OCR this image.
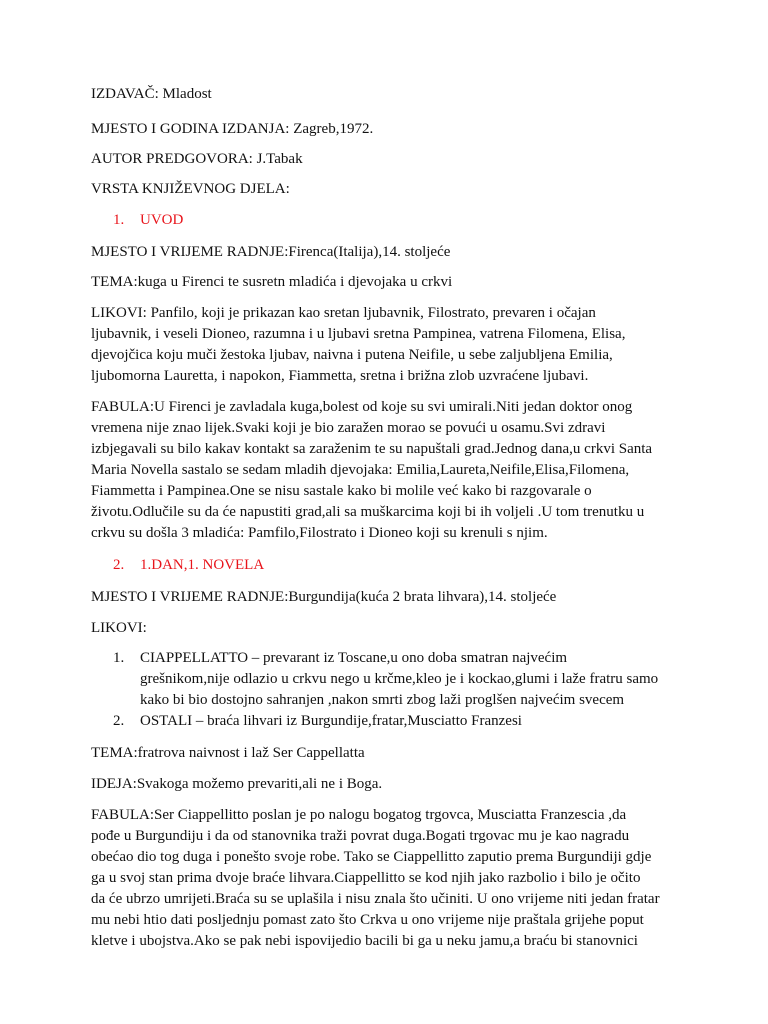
IZDAVAČ: Mladost
MJESTO I GODINA IZDANJA: Zagreb,1972.
AUTOR PREDGOVORA: J.Tabak
VRSTA KNJIŽEVNOG DJELA:
1. UVOD
MJESTO I VRIJEME RADNJE:Firenca(Italija),14. stoljeće
TEMA:kuga u Firenci te susretn mladića i djevojaka u crkvi
LIKOVI: Panfilo, koji je prikazan kao sretan ljubavnik, Filostrato, prevaren i očajan
ljubavnik, i veseli Dioneo, razumna i u ljubavi sretna Pampinea, vatrena Filomena, Elisa,
djevojčica koju muči žestoka ljubav, naivna i putena Neifile, u sebe zaljubljena Emilia,
ljubomorna Lauretta, i napokon, Fiammetta, sretna i brižna zlob uzvraćene ljubavi.
FABULA:U Firenci je zavladala kuga,bolest od koje su svi umirali.Niti jedan doktor onog
vremena nije znao lijek.Svaki koji je bio zaražen morao se povući u osamu.Svi zdravi
izbjegavali su bilo kakav kontakt sa zaraženim te su napuštali grad.Jednog dana,u crkvi Santa
Maria Novella sastalo se sedam mladih djevojaka: Emilia,Laureta,Neifile,Elisa,Filomena,
Fiammetta i Pampinea.One se nisu sastale kako bi molile već kako bi razgovarale o
životu.Odlučile su da će napustiti grad,ali sa muškarcima koji bi ih voljeli .U tom trenutku u
crkvu su došla 3 mladića: Pamfilo,Filostrato i Dioneo koji su krenuli s njim.
2. 1.DAN,1. NOVELA
MJESTO I VRIJEME RADNJE:Burgundija(kuća 2 brata lihvara),14. stoljeće
LIKOVI:
1. CIAPPELLATTO – prevarant iz Toscane,u ono doba smatran najvećim
grešnikom,nije odlazio u crkvu nego u krčme,kleo je i kockao,glumi i laže fratru samo
kako bi bio dostojno sahranjen ,nakon smrti zbog laži proglšen najvećim svecem
2. OSTALI – braća lihvari iz Burgundije,fratar,Musciatto Franzesi
TEMA:fratrova naivnost i laž Ser Cappellatta
IDEJA:Svakoga možemo prevariti,ali ne i Boga.
FABULA:Ser Ciappellitto poslan je po nalogu bogatog trgovca, Musciatta Franzescia ,da
pođe u Burgundiju i da od stanovnika traži povrat duga.Bogati trgovac mu je kao nagradu
obećao dio tog duga i ponešto svoje robe. Tako se Ciappellitto zaputio prema Burgundiji gdje
ga u svoj stan prima dvoje braće lihvara.Ciappellitto se kod njih jako razbolio i bilo je očito
da će ubrzo umrijeti.Braća su se uplašila i nisu znala što učiniti. U ono vrijeme niti jedan fratar
mu nebi htio dati posljednju pomast zato što Crkva u ono vrijeme nije praštala grijehe poput
kletve i ubojstva.Ako se pak nebi ispovijedio bacili bi ga u neku jamu,a braću bi stanovnici
